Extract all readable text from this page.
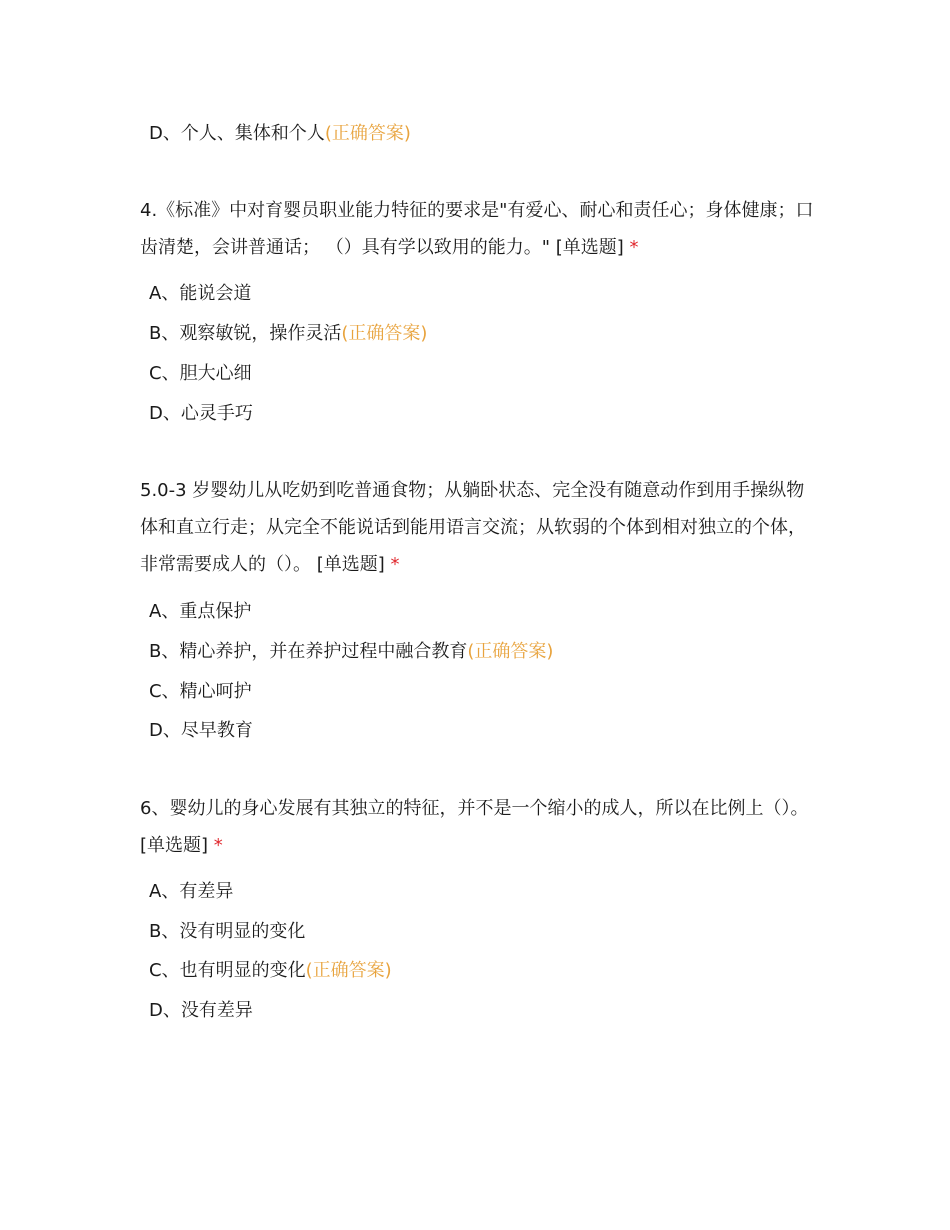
D、个人、集体和个人(正确答案)
4.《标准》中对育婴员职业能力特征的要求是"有爱心、耐心和责任心；身体健康；口齿清楚，会讲普通话； （）具有学以致用的能力。" [单选题] *
A、能说会道
B、观察敏锐，操作灵活(正确答案)
C、胆大心细
D、心灵手巧
5.0-3 岁婴幼儿从吃奶到吃普通食物；从躺卧状态、完全没有随意动作到用手操纵物体和直立行走；从完全不能说话到能用语言交流；从软弱的个体到相对独立的个体，非常需要成人的（）。 [单选题] *
A、重点保护
B、精心养护，并在养护过程中融合教育(正确答案)
C、精心呵护
D、尽早教育
6、婴幼儿的身心发展有其独立的特征，并不是一个缩小的成人，所以在比例上（）。 [单选题] *
A、有差异
B、没有明显的变化
C、也有明显的变化(正确答案)
D、没有差异
